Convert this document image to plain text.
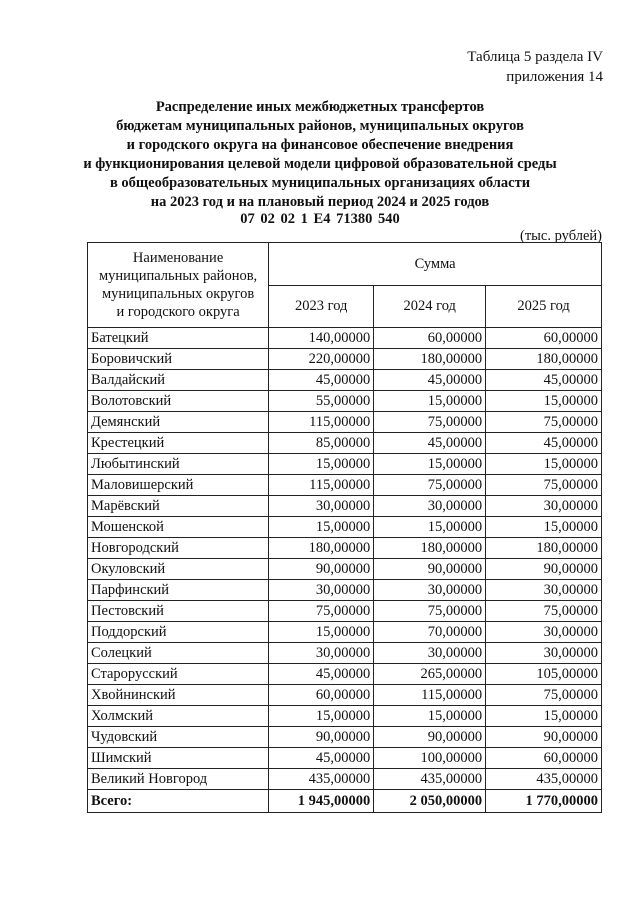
Таблица 5 раздела IV
приложения 14
Распределение иных межбюджетных трансфертов
бюджетам муниципальных районов, муниципальных округов
и городского округа на финансовое обеспечение внедрения
и функционирования целевой модели цифровой образовательной среды
в общеобразовательных муниципальных организациях области
на 2023 год и на плановый период 2024 и 2025 годов
07 02 02 1 E4 71380 540
(тыс. рублей)
Наименование
муниципальных районов,
муниципальных округов
и городского округа	Сумма		
	2023 год	2024 год	2025 год
Батецкий	140,00000	60,00000	60,00000
Боровичский	220,00000	180,00000	180,00000
Валдайский	45,00000	45,00000	45,00000
Волотовский	55,00000	15,00000	15,00000
Демянский	115,00000	75,00000	75,00000
Крестецкий	85,00000	45,00000	45,00000
Любытинский	15,00000	15,00000	15,00000
Маловишерский	115,00000	75,00000	75,00000
Марёвский	30,00000	30,00000	30,00000
Мошенской	15,00000	15,00000	15,00000
Новгородский	180,00000	180,00000	180,00000
Окуловский	90,00000	90,00000	90,00000
Парфинский	30,00000	30,00000	30,00000
Пестовский	75,00000	75,00000	75,00000
Поддорский	15,00000	70,00000	30,00000
Солецкий	30,00000	30,00000	30,00000
Старорусский	45,00000	265,00000	105,00000
Хвойнинский	60,00000	115,00000	75,00000
Холмский	15,00000	15,00000	15,00000
Чудовский	90,00000	90,00000	90,00000
Шимский	45,00000	100,00000	60,00000
Великий Новгород	435,00000	435,00000	435,00000
Всего:	1 945,00000	2 050,00000	1 770,00000
